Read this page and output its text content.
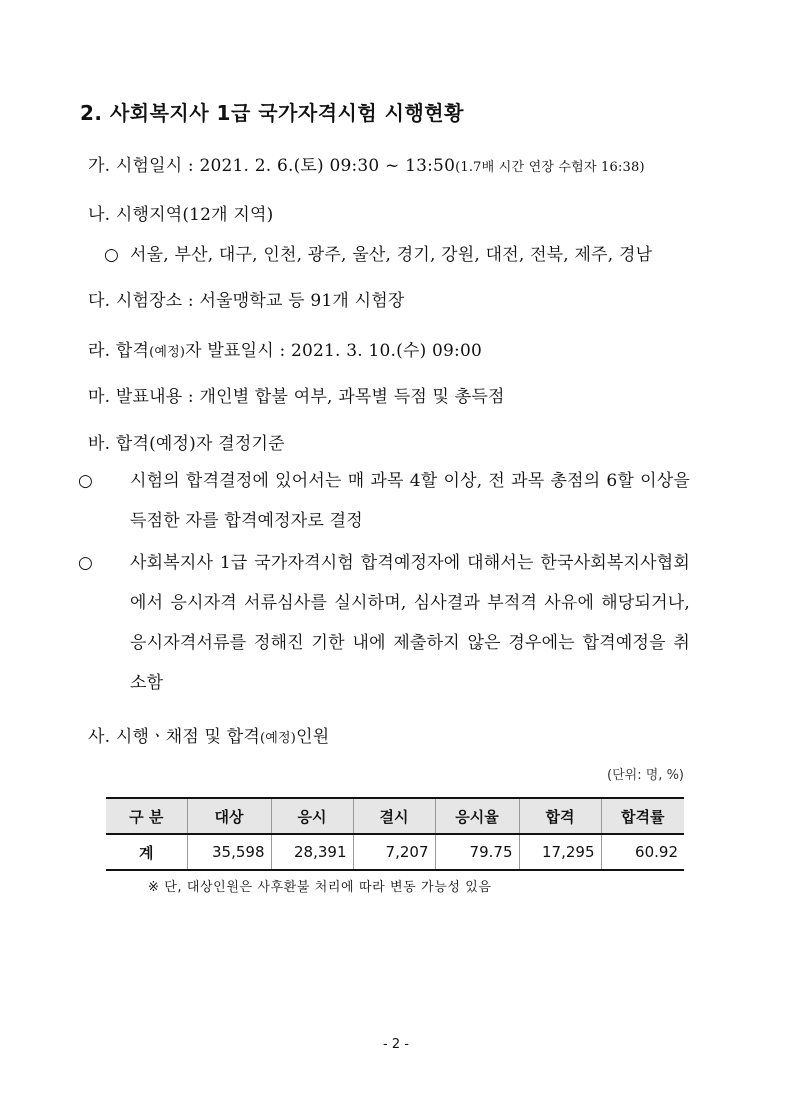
2. 사회복지사 1급 국가자격시험 시행현황
가. 시험일시 : 2021. 2. 6.(토) 09:30 ~ 13:50(1.7배 시간 연장 수험자 16:38)
나. 시행지역(12개 지역)
○ 서울, 부산, 대구, 인천, 광주, 울산, 경기, 강원, 대전, 전북, 제주, 경남
다. 시험장소 : 서울맹학교 등 91개 시험장
라. 합격(예정)자 발표일시 : 2021. 3. 10.(수) 09:00
마. 발표내용 : 개인별 합불 여부, 과목별 득점 및 총득점
바. 합격(예정)자 결정기준
○ 시험의 합격결정에 있어서는 매 과목 4할 이상, 전 과목 총점의 6할 이상을 득점한 자를 합격예정자로 결정
○ 사회복지사 1급 국가자격시험 합격예정자에 대해서는 한국사회복지사협회에서 응시자격 서류심사를 실시하며, 심사결과 부적격 사유에 해당되거나, 응시자격서류를 정해진 기한 내에 제출하지 않은 경우에는 합격예정을 취소함
사. 시행ㆍ채점 및 합격(예정)인원
(단위: 명, %)
구 분	대상	응시	결시	응시율	합격	합격률
계	35,598	28,391	7,207	79.75	17,295	60.92
※ 단, 대상인원은 사후환불 처리에 따라 변동 가능성 있음
- 2 -
